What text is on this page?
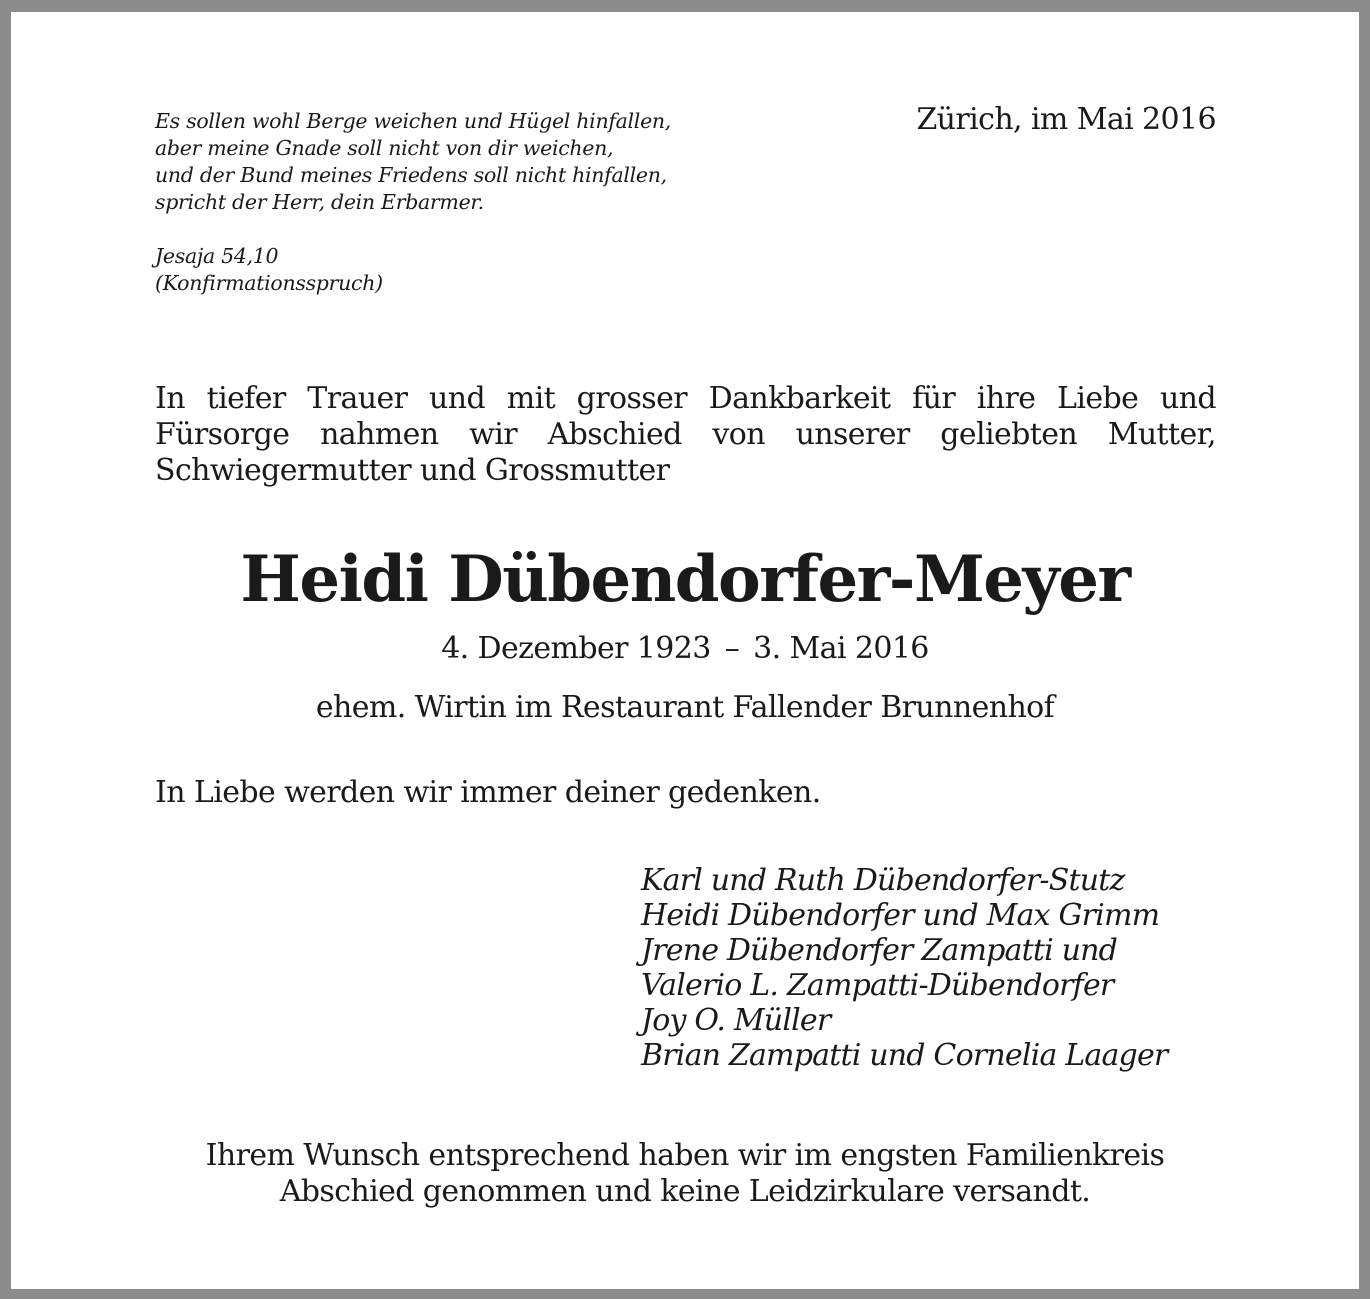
Es sollen wohl Berge weichen und Hügel hinfallen,
aber meine Gnade soll nicht von dir weichen,
und der Bund meines Friedens soll nicht hinfallen,
spricht der Herr, dein Erbarmer.
Jesaja 54,10
(Konfirmationsspruch)
Zürich, im Mai 2016
In tiefer Trauer und mit grosser Dankbarkeit für ihre Liebe und
Fürsorge nahmen wir Abschied von unserer geliebten Mutter,
Schwiegermutter und Grossmutter
Heidi Dübendorfer-Meyer
4. Dezember 1923 – 3. Mai 2016
ehem. Wirtin im Restaurant Fallender Brunnenhof
In Liebe werden wir immer deiner gedenken.
Karl und Ruth Dübendorfer-Stutz
Heidi Dübendorfer und Max Grimm
Jrene Dübendorfer Zampatti und
Valerio L. Zampatti-Dübendorfer
Joy O. Müller
Brian Zampatti und Cornelia Laager
Ihrem Wunsch entsprechend haben wir im engsten Familienkreis
Abschied genommen und keine Leidzirkulare versandt.
